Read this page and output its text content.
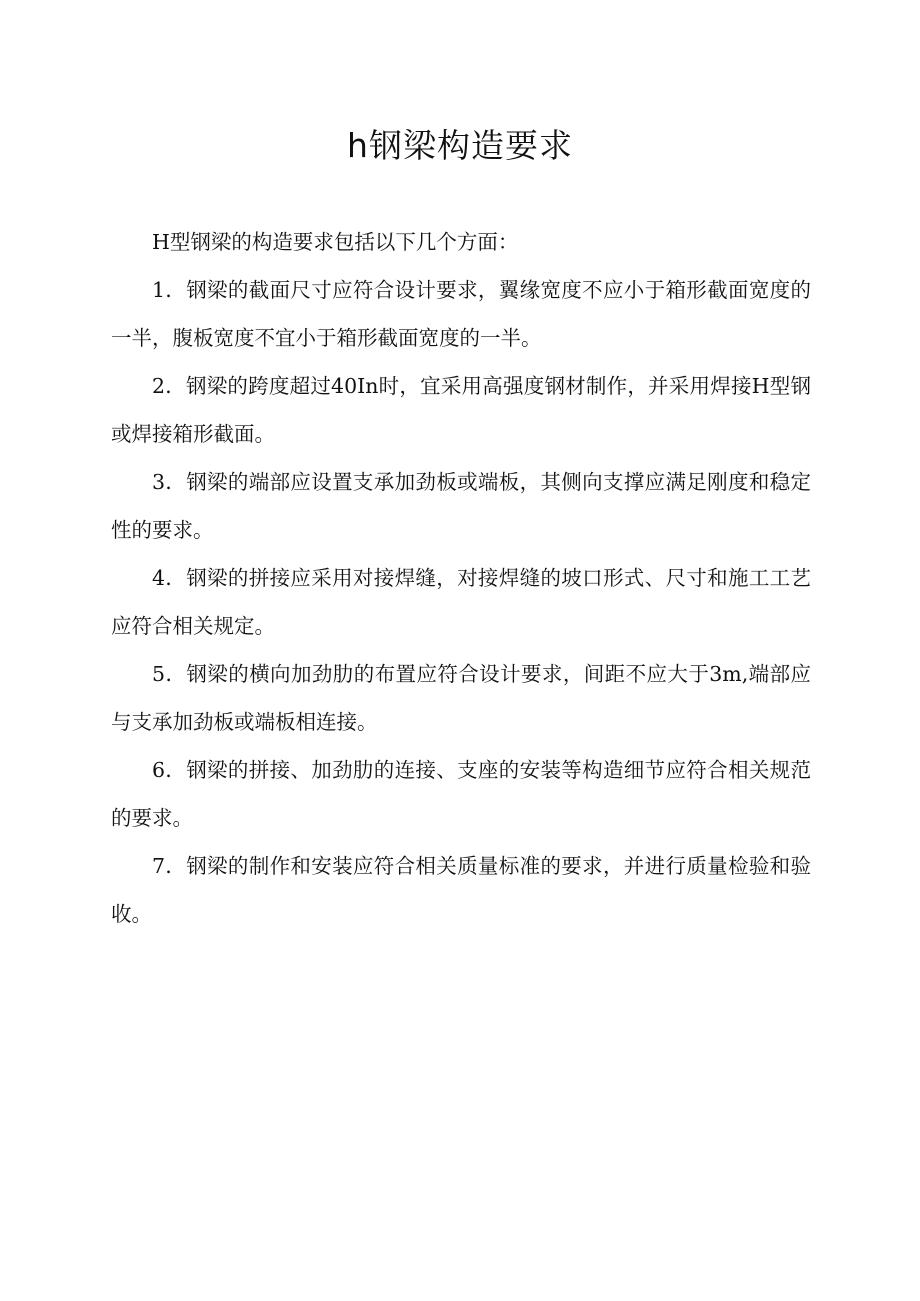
h钢梁构造要求

H型钢梁的构造要求包括以下几个方面：

1．钢梁的截面尺寸应符合设计要求，翼缘宽度不应小于箱形截面宽度的一半，腹板宽度不宜小于箱形截面宽度的一半。

2．钢梁的跨度超过40In时，宜采用高强度钢材制作，并采用焊接H型钢或焊接箱形截面。

3．钢梁的端部应设置支承加劲板或端板，其侧向支撑应满足刚度和稳定性的要求。

4．钢梁的拼接应采用对接焊缝，对接焊缝的坡口形式、尺寸和施工工艺应符合相关规定。

5．钢梁的横向加劲肋的布置应符合设计要求，间距不应大于3m,端部应与支承加劲板或端板相连接。

6．钢梁的拼接、加劲肋的连接、支座的安装等构造细节应符合相关规范的要求。

7．钢梁的制作和安装应符合相关质量标准的要求，并进行质量检验和验收。
